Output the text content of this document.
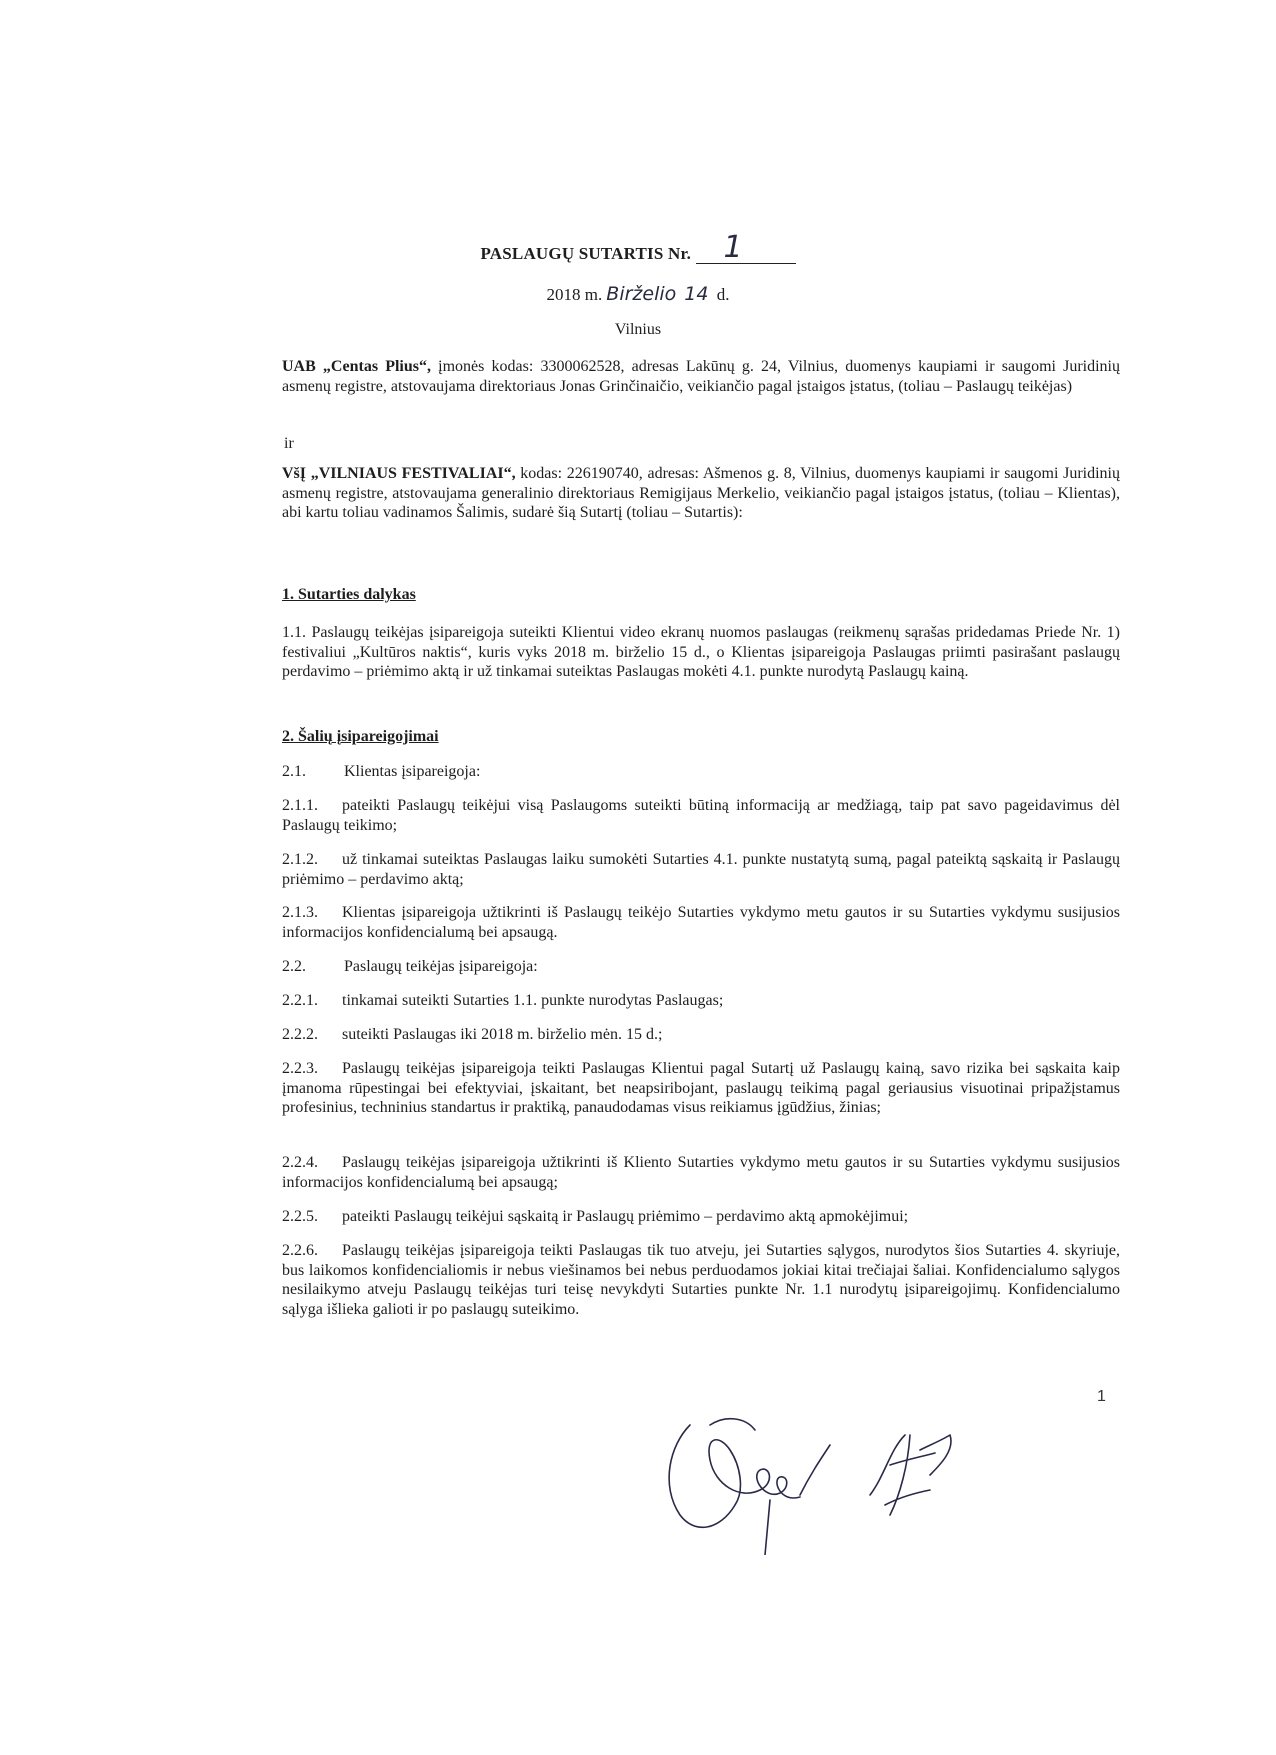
PASLAUGŲ SUTARTIS Nr. 1
2018 m. Birželio 14 d.
Vilnius
UAB „Centas Plius“, įmonės kodas: 3300062528, adresas Lakūnų g. 24, Vilnius, duomenys kaupiami ir saugomi Juridinių asmenų registre, atstovaujama direktoriaus Jonas Grinčinaičio, veikiančio pagal įstaigos įstatus, (toliau – Paslaugų teikėjas)
ir
VšĮ „VILNIAUS FESTIVALIAI“, kodas: 226190740, adresas: Ašmenos g. 8, Vilnius, duomenys kaupiami ir saugomi Juridinių asmenų registre, atstovaujama generalinio direktoriaus Remigijaus Merkelio, veikiančio pagal įstaigos įstatus, (toliau – Klientas), abi kartu toliau vadinamos Šalimis, sudarė šią Sutartį (toliau – Sutartis):
1. Sutarties dalykas
1.1. Paslaugų teikėjas įsipareigoja suteikti Klientui video ekranų nuomos paslaugas (reikmenų sąrašas pridedamas Priede Nr. 1) festivaliui „Kultūros naktis“, kuris vyks 2018 m. birželio 15 d., o Klientas įsipareigoja Paslaugas priimti pasirašant paslaugų perdavimo – priėmimo aktą ir už tinkamai suteiktas Paslaugas mokėti 4.1. punkte nurodytą Paslaugų kainą.
2. Šalių įsipareigojimai
2.1. Klientas įsipareigoja:
2.1.1. pateikti Paslaugų teikėjui visą Paslaugoms suteikti būtiną informaciją ar medžiagą, taip pat savo pageidavimus dėl Paslaugų teikimo;
2.1.2. už tinkamai suteiktas Paslaugas laiku sumokėti Sutarties 4.1. punkte nustatytą sumą, pagal pateiktą sąskaitą ir Paslaugų priėmimo – perdavimo aktą;
2.1.3. Klientas įsipareigoja užtikrinti iš Paslaugų teikėjo Sutarties vykdymo metu gautos ir su Sutarties vykdymu susijusios informacijos konfidencialumą bei apsaugą.
2.2. Paslaugų teikėjas įsipareigoja:
2.2.1. tinkamai suteikti Sutarties 1.1. punkte nurodytas Paslaugas;
2.2.2. suteikti Paslaugas iki 2018 m. birželio mėn. 15 d.;
2.2.3. Paslaugų teikėjas įsipareigoja teikti Paslaugas Klientui pagal Sutartį už Paslaugų kainą, savo rizika bei sąskaita kaip įmanoma rūpestingai bei efektyviai, įskaitant, bet neapsiribojant, paslaugų teikimą pagal geriausius visuotinai pripažįstamus profesinius, techninius standartus ir praktiką, panaudodamas visus reikiamus įgūdžius, žinias;
2.2.4. Paslaugų teikėjas įsipareigoja užtikrinti iš Kliento Sutarties vykdymo metu gautos ir su Sutarties vykdymu susijusios informacijos konfidencialumą bei apsaugą;
2.2.5. pateikti Paslaugų teikėjui sąskaitą ir Paslaugų priėmimo – perdavimo aktą apmokėjimui;
2.2.6. Paslaugų teikėjas įsipareigoja teikti Paslaugas tik tuo atveju, jei Sutarties sąlygos, nurodytos šios Sutarties 4. skyriuje, bus laikomos konfidencialiomis ir nebus viešinamos bei nebus perduodamos jokiai kitai trečiajai šaliai. Konfidencialumo sąlygos nesilaikymo atveju Paslaugų teikėjas turi teisę nevykdyti Sutarties punkte Nr. 1.1 nurodytų įsipareigojimų. Konfidencialumo sąlyga išlieka galioti ir po paslaugų suteikimo.
1
